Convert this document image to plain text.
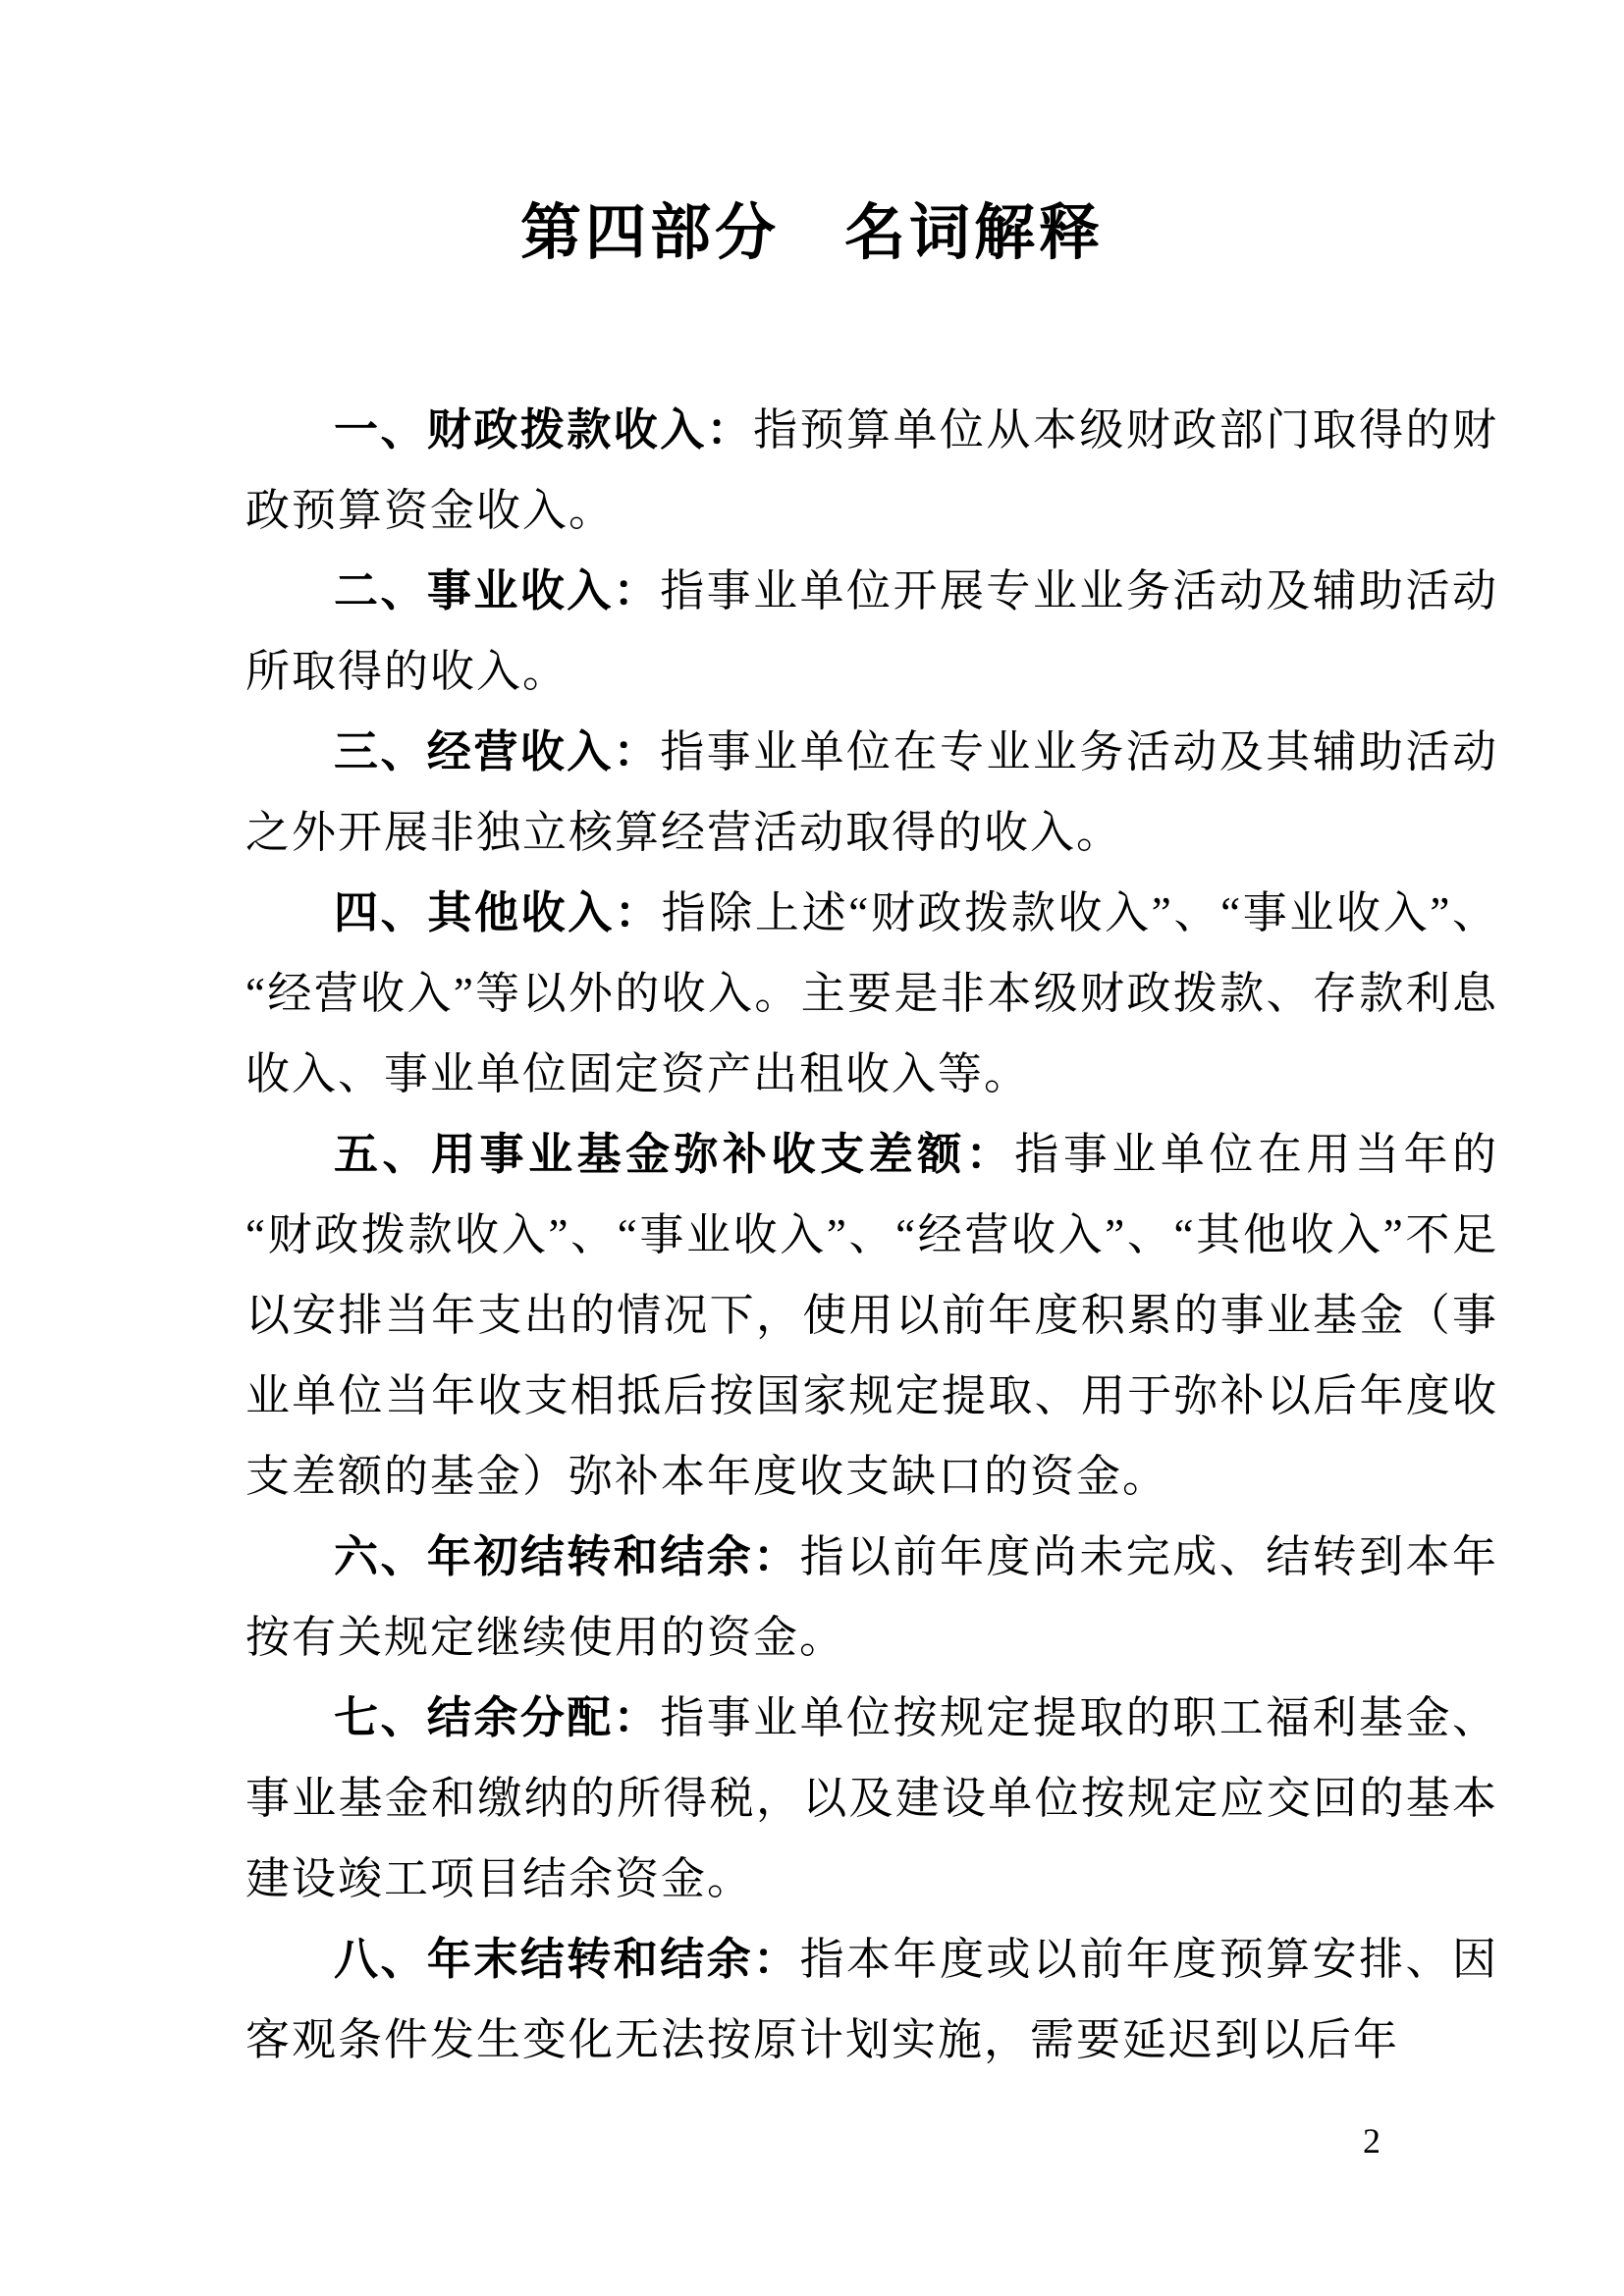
第四部分　名词解释

一、财政拨款收入：指预算单位从本级财政部门取得的财政预算资金收入。

二、事业收入：指事业单位开展专业业务活动及辅助活动所取得的收入。

三、经营收入：指事业单位在专业业务活动及其辅助活动之外开展非独立核算经营活动取得的收入。

四、其他收入：指除上述“财政拨款收入”、“事业收入”、“经营收入”等以外的收入。主要是非本级财政拨款、存款利息收入、事业单位固定资产出租收入等。

五、用事业基金弥补收支差额：指事业单位在用当年的“财政拨款收入”、“事业收入”、“经营收入”、“其他收入”不足以安排当年支出的情况下，使用以前年度积累的事业基金（事业单位当年收支相抵后按国家规定提取、用于弥补以后年度收支差额的基金）弥补本年度收支缺口的资金。

六、年初结转和结余：指以前年度尚未完成、结转到本年按有关规定继续使用的资金。

七、结余分配：指事业单位按规定提取的职工福利基金、事业基金和缴纳的所得税，以及建设单位按规定应交回的基本建设竣工项目结余资金。

八、年末结转和结余：指本年度或以前年度预算安排、因客观条件发生变化无法按原计划实施，需要延迟到以后年

2
